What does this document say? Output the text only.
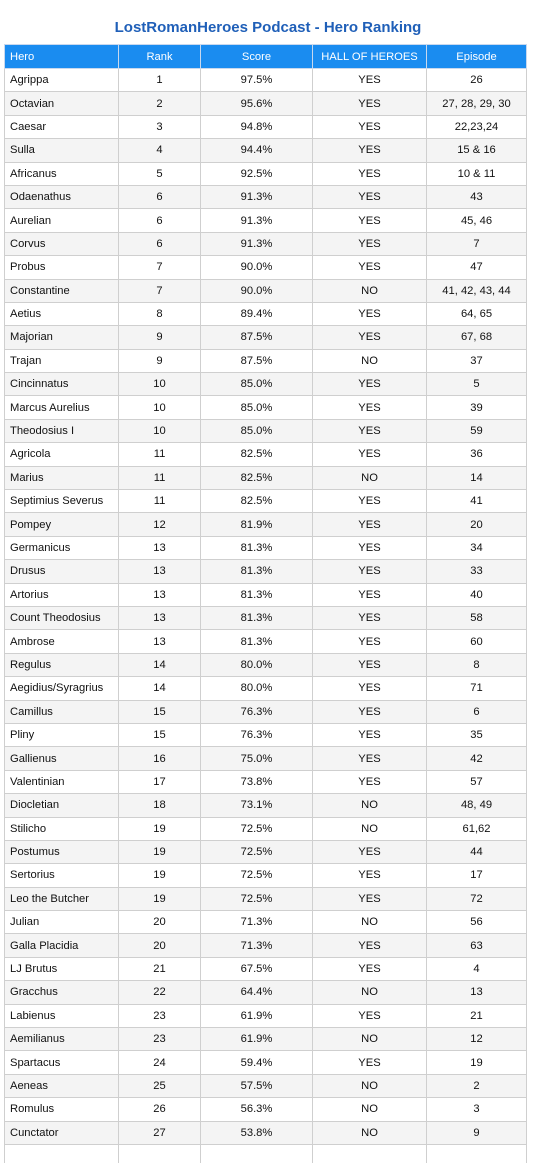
LostRomanHeroes Podcast - Hero Ranking
Hero	Rank	Score	HALL OF HEROES	Episode
Agrippa	1	97.5%	YES	26
Octavian	2	95.6%	YES	27, 28, 29, 30
Caesar	3	94.8%	YES	22,23,24
Sulla	4	94.4%	YES	15 & 16
Africanus	5	92.5%	YES	10 & 11
Odaenathus	6	91.3%	YES	43
Aurelian	6	91.3%	YES	45, 46
Corvus	6	91.3%	YES	7
Probus	7	90.0%	YES	47
Constantine	7	90.0%	NO	41, 42, 43, 44
Aetius	8	89.4%	YES	64, 65
Majorian	9	87.5%	YES	67, 68
Trajan	9	87.5%	NO	37
Cincinnatus	10	85.0%	YES	5
Marcus Aurelius	10	85.0%	YES	39
Theodosius I	10	85.0%	YES	59
Agricola	11	82.5%	YES	36
Marius	11	82.5%	NO	14
Septimius Severus	11	82.5%	YES	41
Pompey	12	81.9%	YES	20
Germanicus	13	81.3%	YES	34
Drusus	13	81.3%	YES	33
Artorius	13	81.3%	YES	40
Count Theodosius	13	81.3%	YES	58
Ambrose	13	81.3%	YES	60
Regulus	14	80.0%	YES	8
Aegidius/Syragrius	14	80.0%	YES	71
Camillus	15	76.3%	YES	6
Pliny	15	76.3%	YES	35
Gallienus	16	75.0%	YES	42
Valentinian	17	73.8%	YES	57
Diocletian	18	73.1%	NO	48, 49
Stilicho	19	72.5%	NO	61,62
Postumus	19	72.5%	YES	44
Sertorius	19	72.5%	YES	17
Leo the Butcher	19	72.5%	YES	72
Julian	20	71.3%	NO	56
Galla Placidia	20	71.3%	YES	63
LJ Brutus	21	67.5%	YES	4
Gracchus	22	64.4%	NO	13
Labienus	23	61.9%	YES	21
Aemilianus	23	61.9%	NO	12
Spartacus	24	59.4%	YES	19
Aeneas	25	57.5%	NO	2
Romulus	26	56.3%	NO	3
Cunctator	27	53.8%	NO	9
